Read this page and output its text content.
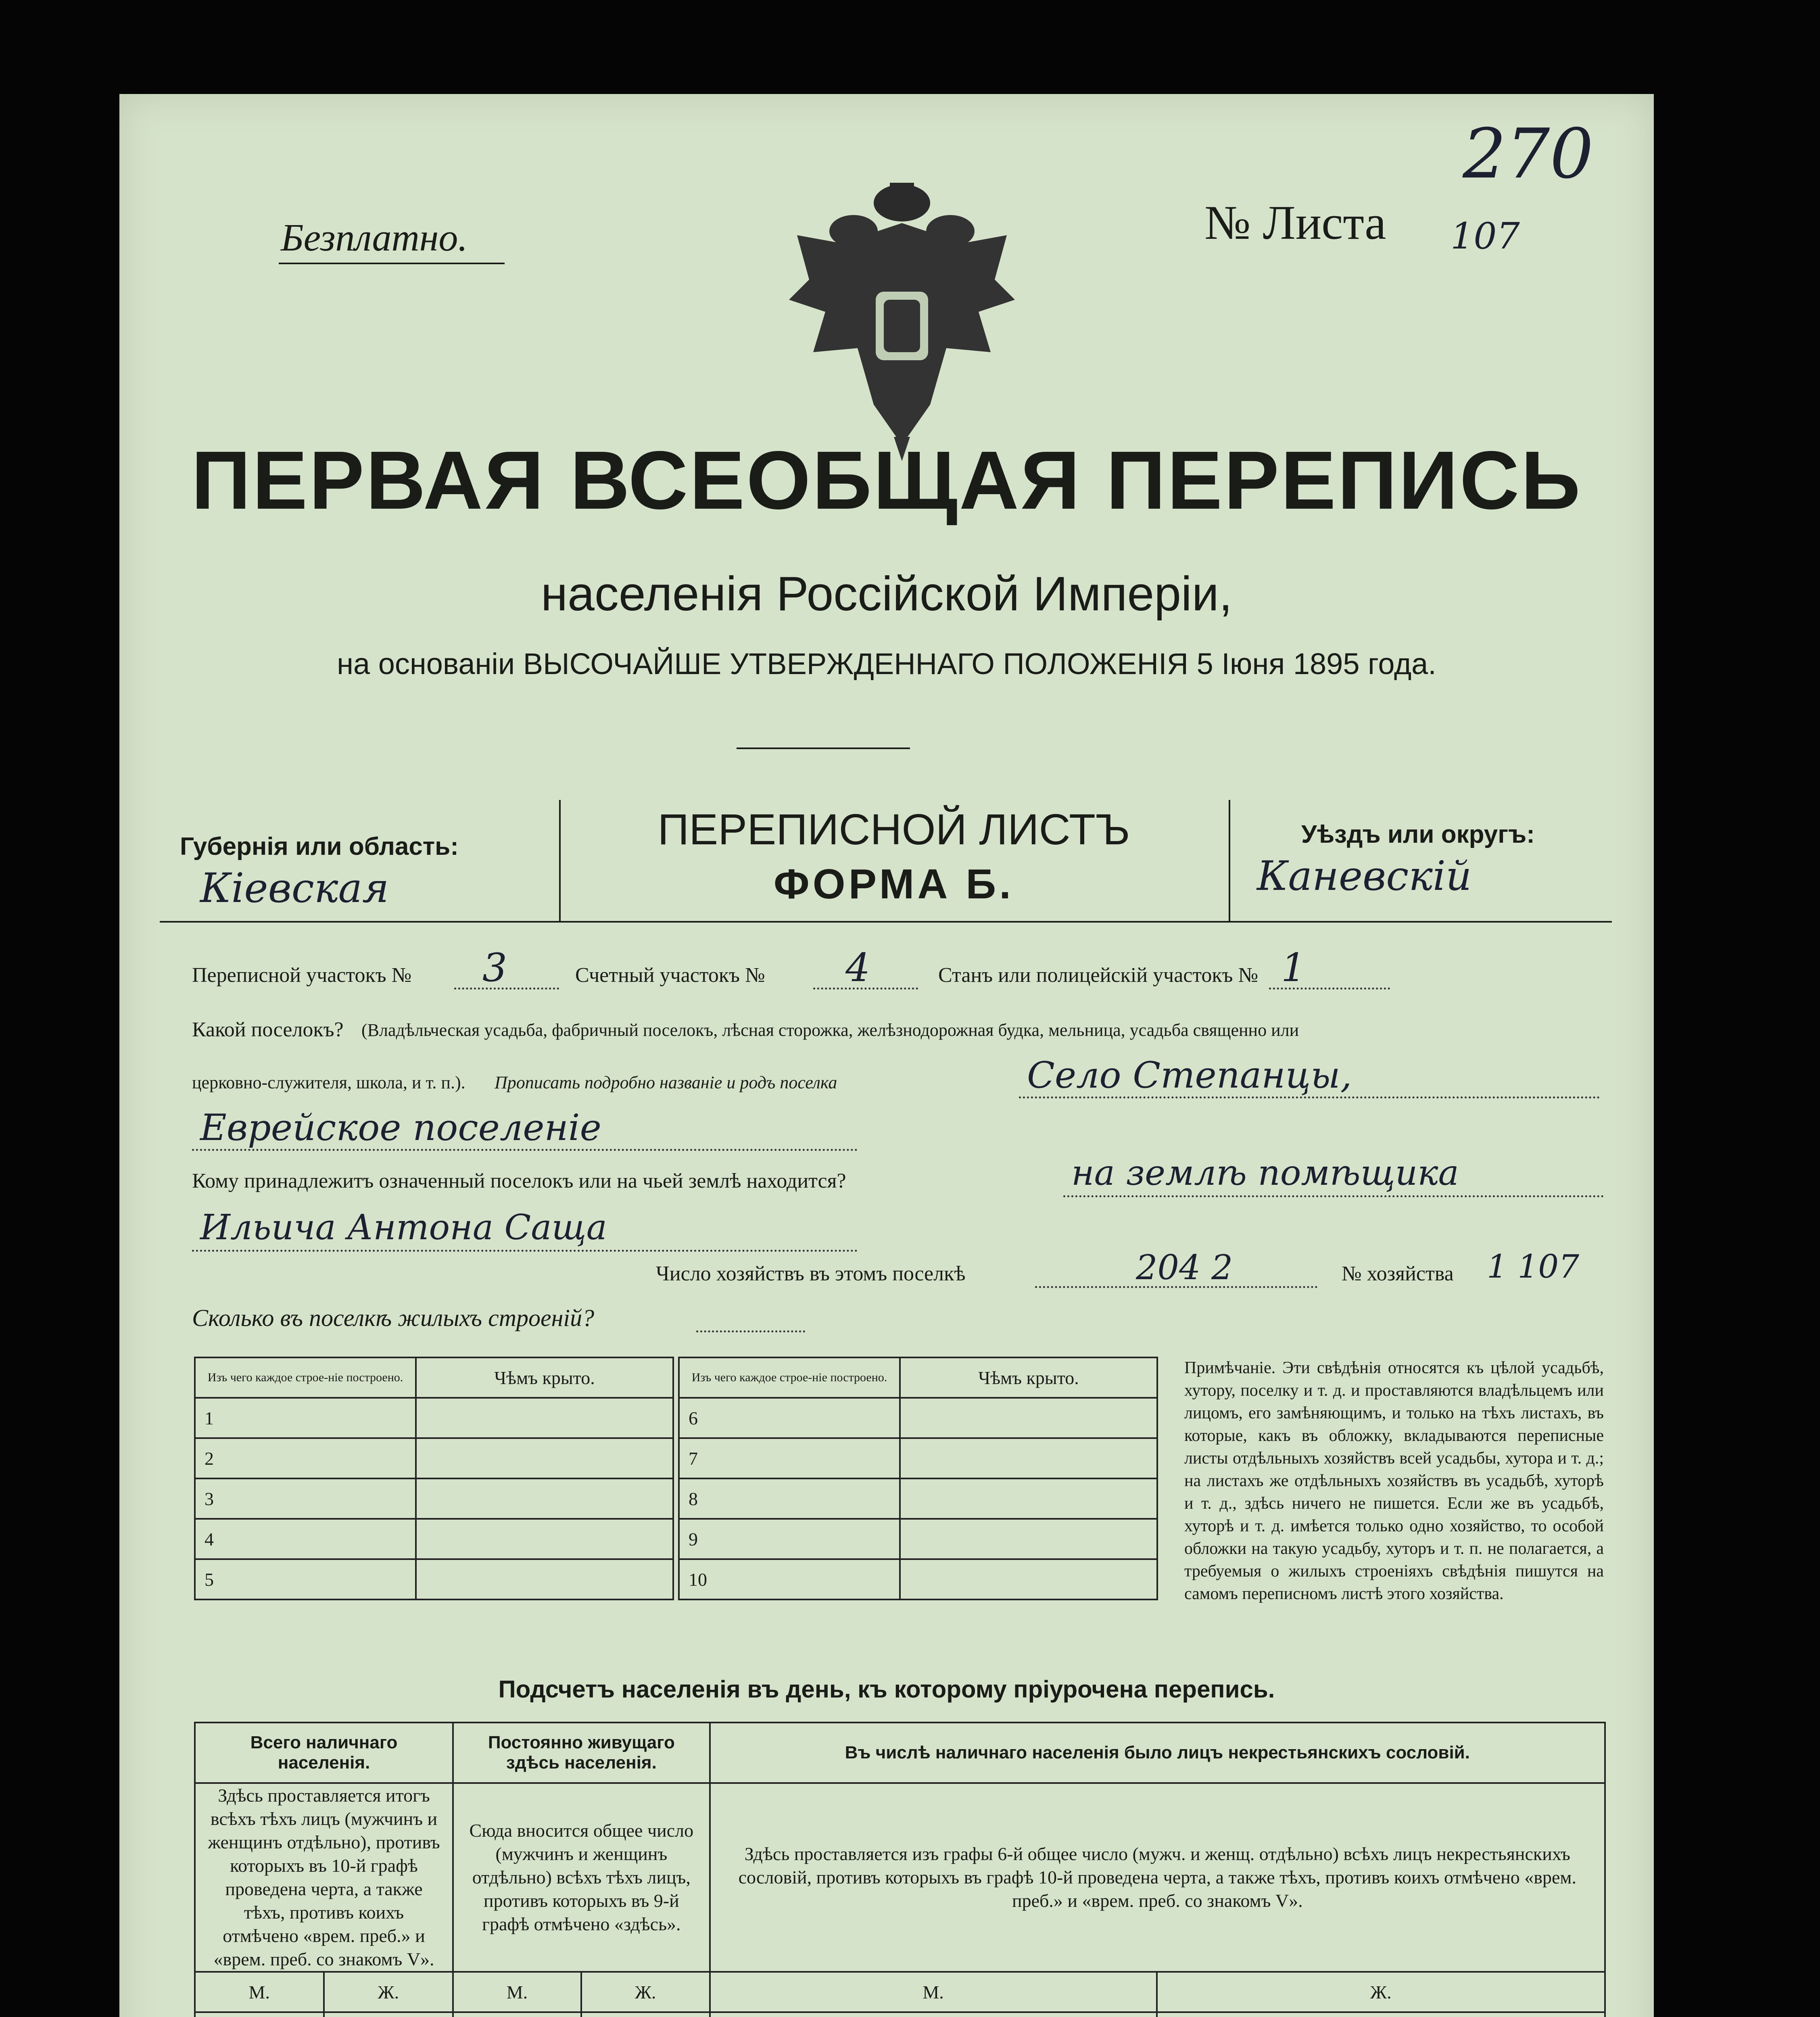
Безплатно.	№ Листа 107
270
ПЕРВАЯ ВСЕОБЩАЯ ПЕРЕПИСЬ
населенія Россійской Имперіи,
на основаніи ВЫСОЧАЙШЕ УТВЕРЖДЕННАГО ПОЛОЖЕНІЯ 5 Іюня 1895 года.
Губернія или область:
Кіевская
ПЕРЕПИСНОЙ ЛИСТЪ
ФОРМА Б.
Уѣздъ или округъ:
Каневскій
Переписной участокъ № 3	Счетный участокъ № 4	Станъ или полицейскій участокъ № 1
Какой поселокъ? (Владѣльческая усадьба, фабричный поселокъ, лѣсная сторожка, желѣзнодорожная будка, мельница, усадьба священно или
церковно-служителя, школа, и т. п.). Прописать подробно названіе и родъ поселка	Село Степанцы,
Еврейское поселеніе
Кому принадлежитъ означенный поселокъ или на чьей землѣ находится?	на землѣ помѣщика
Ильича Антона Саща
Число хозяйствъ въ этомъ поселкѣ	204 2	№ хозяйства 1 107
Сколько въ поселкѣ жилыхъ строеній?
Изъ чего каждое строе-ніе построено.	Чѣмъ крыто.
1	
2	
3	
4	
5	
Изъ чего каждое строе-ніе построено.	Чѣмъ крыто.
6	
7	
8	
9	
10	
Примѣчаніе. Эти свѣдѣнія относятся къ цѣлой усадьбѣ, хутору, поселку и т. д. и проставляются владѣльцемъ или лицомъ, его замѣняющимъ, и только на тѣхъ листахъ, въ которые, какъ въ обложку, вкладываются переписные листы отдѣльныхъ хозяйствъ всей усадьбы, хутора и т. д.; на листахъ же отдѣльныхъ хозяйствъ въ усадьбѣ, хуторѣ и т. д., здѣсь ничего не пишется. Если же въ усадьбѣ, хуторѣ и т. д. имѣется только одно хозяйство, то особой обложки на такую усадьбу, хуторъ и т. п. не полагается, а требуемыя о жилыхъ строеніяхъ свѣдѣнія пишутся на самомъ переписномъ листѣ этого хозяйства.
Подсчетъ населенія въ день, къ которому пріурочена перепись.
Всего наличнаго населенія.		Постоянно живущаго здѣсь населенія.		Въ числѣ наличнаго населенія было лицъ некрестьянскихъ сословій.	
Здѣсь проставляется итогъ всѣхъ тѣхъ лицъ (мужчинъ и женщинъ отдѣльно), противъ которыхъ въ 10-й графѣ проведена черта, а также тѣхъ, противъ коихъ отмѣчено «врем. преб.» и «врем. преб. со знакомъ V».		Сюда вносится общее число (мужчинъ и женщинъ отдѣльно) всѣхъ тѣхъ лицъ, противъ которыхъ въ 9-й графѣ отмѣчено «здѣсь».		Здѣсь проставляется изъ графы 6-й общее число (мужч. и женщ. отдѣльно) всѣхъ лицъ некрестьянскихъ сословій, противъ которыхъ въ графѣ 10-й проведена черта, а также тѣхъ, противъ коихъ отмѣчено «врем. преб.» и «врем. преб. со знакомъ V».	
М.	Ж.	М.	Ж.	М.	Ж.
